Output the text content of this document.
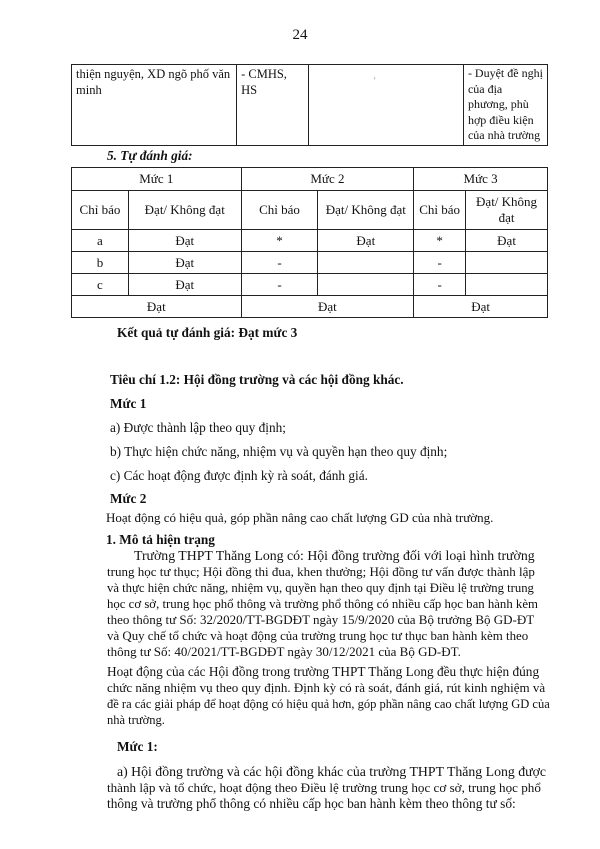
24
thiện nguyện, XD ngõ phố văn minh	- CMHS, HS		- Duyệt đề nghị của địa phương, phù hợp điều kiện của nhà trường
'
5. Tự đánh giá:
Mức 1		Mức 2		Mức 3	
Chỉ báo	Đạt/ Không đạt	Chỉ báo	Đạt/ Không đạt	Chỉ báo	Đạt/ Không đạt
a	Đạt	*	Đạt	*	Đạt
b	Đạt	-		-	
c	Đạt	-		-	
Đạt		Đạt		Đạt	
Kết quả tự đánh giá: Đạt mức 3
Tiêu chí 1.2: Hội đồng trường và các hội đồng khác.
Mức 1
a) Được thành lập theo quy định;
b) Thực hiện chức năng, nhiệm vụ và quyền hạn theo quy định;
c) Các hoạt động được định kỳ rà soát, đánh giá.
Mức 2
Hoạt động có hiệu quả, góp phần nâng cao chất lượng GD của nhà trường.
1. Mô tả hiện trạng
Trường THPT Thăng Long có: Hội đồng trường đối với loại hình trường
trung học tư thục; Hội đồng thi đua, khen thưởng; Hội đồng tư vấn được thành lập
và thực hiện chức năng, nhiệm vụ, quyền hạn theo quy định tại Điều lệ trường trung
học cơ sở, trung học phổ thông và trường phổ thông có nhiều cấp học ban hành kèm
theo thông tư Số: 32/2020/TT-BGDĐT ngày 15/9/2020 của Bộ trưởng Bộ GD-ĐT
và Quy chế tổ chức và hoạt động của trường trung học tư thục ban hành kèm theo
thông tư Số: 40/2021/TT-BGDĐT ngày 30/12/2021 của Bộ GD-ĐT.
Hoạt động của các Hội đồng trong trường THPT Thăng Long đều thực hiện đúng
chức năng nhiệm vụ theo quy định. Định kỳ có rà soát, đánh giá, rút kinh nghiệm và
đề ra các giải pháp để hoạt động có hiệu quả hơn, góp phần nâng cao chất lượng GD của
nhà trường.
Mức 1:
a) Hội đồng trường và các hội đồng khác của trường THPT Thăng Long được
thành lập và tổ chức, hoạt động theo Điều lệ trường trung học cơ sở, trung học phổ
thông và trường phổ thông có nhiều cấp học ban hành kèm theo thông tư số:
